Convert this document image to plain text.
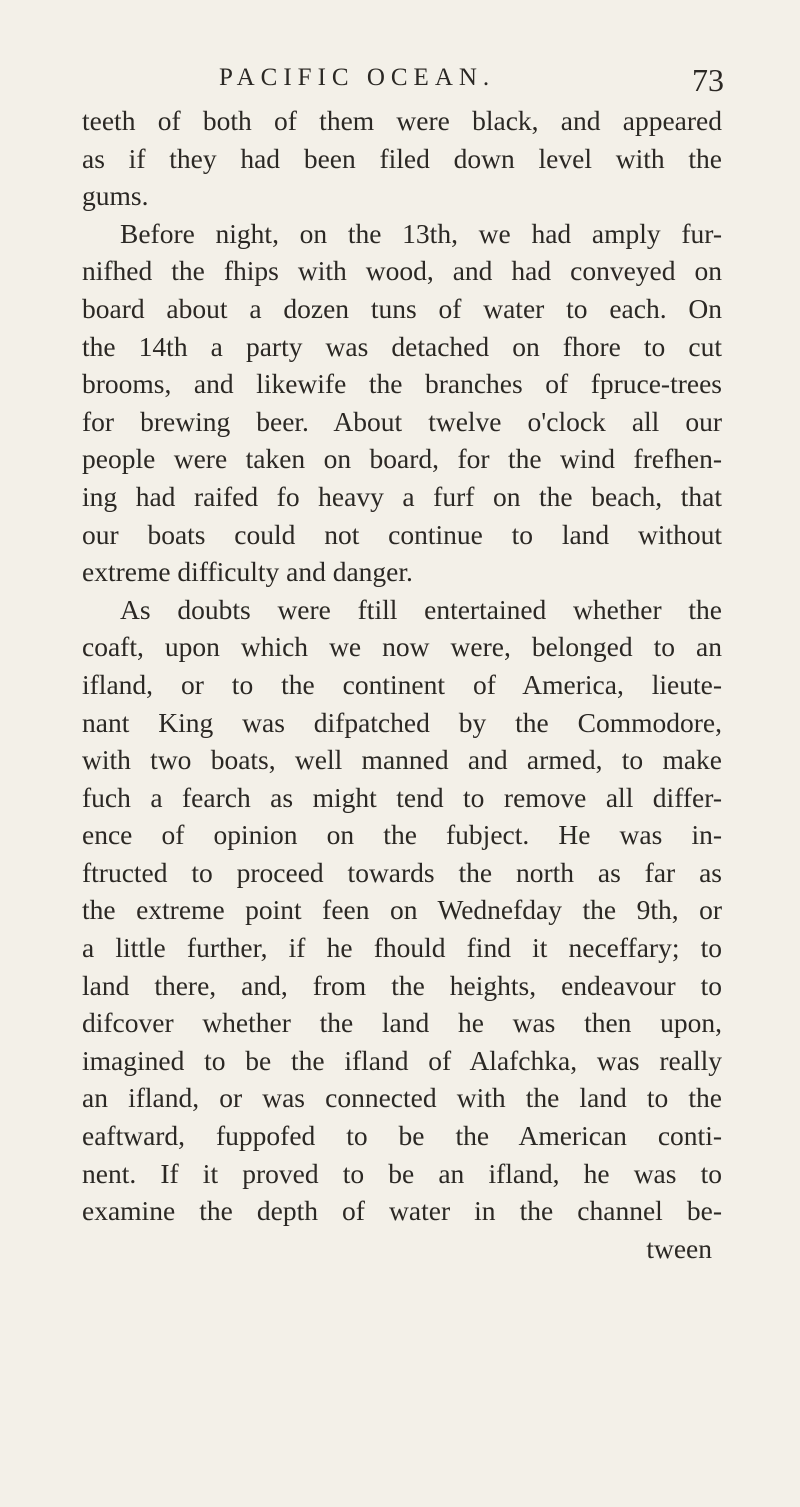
PACIFIC OCEAN.	73
teeth of both of them were black, and appeared
as if they had been filed down level with the
gums.
Before night, on the 13th, we had amply fur-
nifhed the fhips with wood, and had conveyed on
board about a dozen tuns of water to each. On
the 14th a party was detached on fhore to cut
brooms, and likewife the branches of fpruce-trees
for brewing beer. About twelve o'clock all our
people were taken on board, for the wind frefhen-
ing had raifed fo heavy a furf on the beach, that
our boats could not continue to land without
extreme difficulty and danger.
As doubts were ftill entertained whether the
coaft, upon which we now were, belonged to an
ifland, or to the continent of America, lieute-
nant King was difpatched by the Commodore,
with two boats, well manned and armed, to make
fuch a fearch as might tend to remove all differ-
ence of opinion on the fubject. He was in-
ftructed to proceed towards the north as far as
the extreme point feen on Wednefday the 9th, or
a little further, if he fhould find it neceffary; to
land there, and, from the heights, endeavour to
difcover whether the land he was then upon,
imagined to be the ifland of Alafchka, was really
an ifland, or was connected with the land to the
eaftward, fuppofed to be the American conti-
nent. If it proved to be an ifland, he was to
examine the depth of water in the channel be-
tween
